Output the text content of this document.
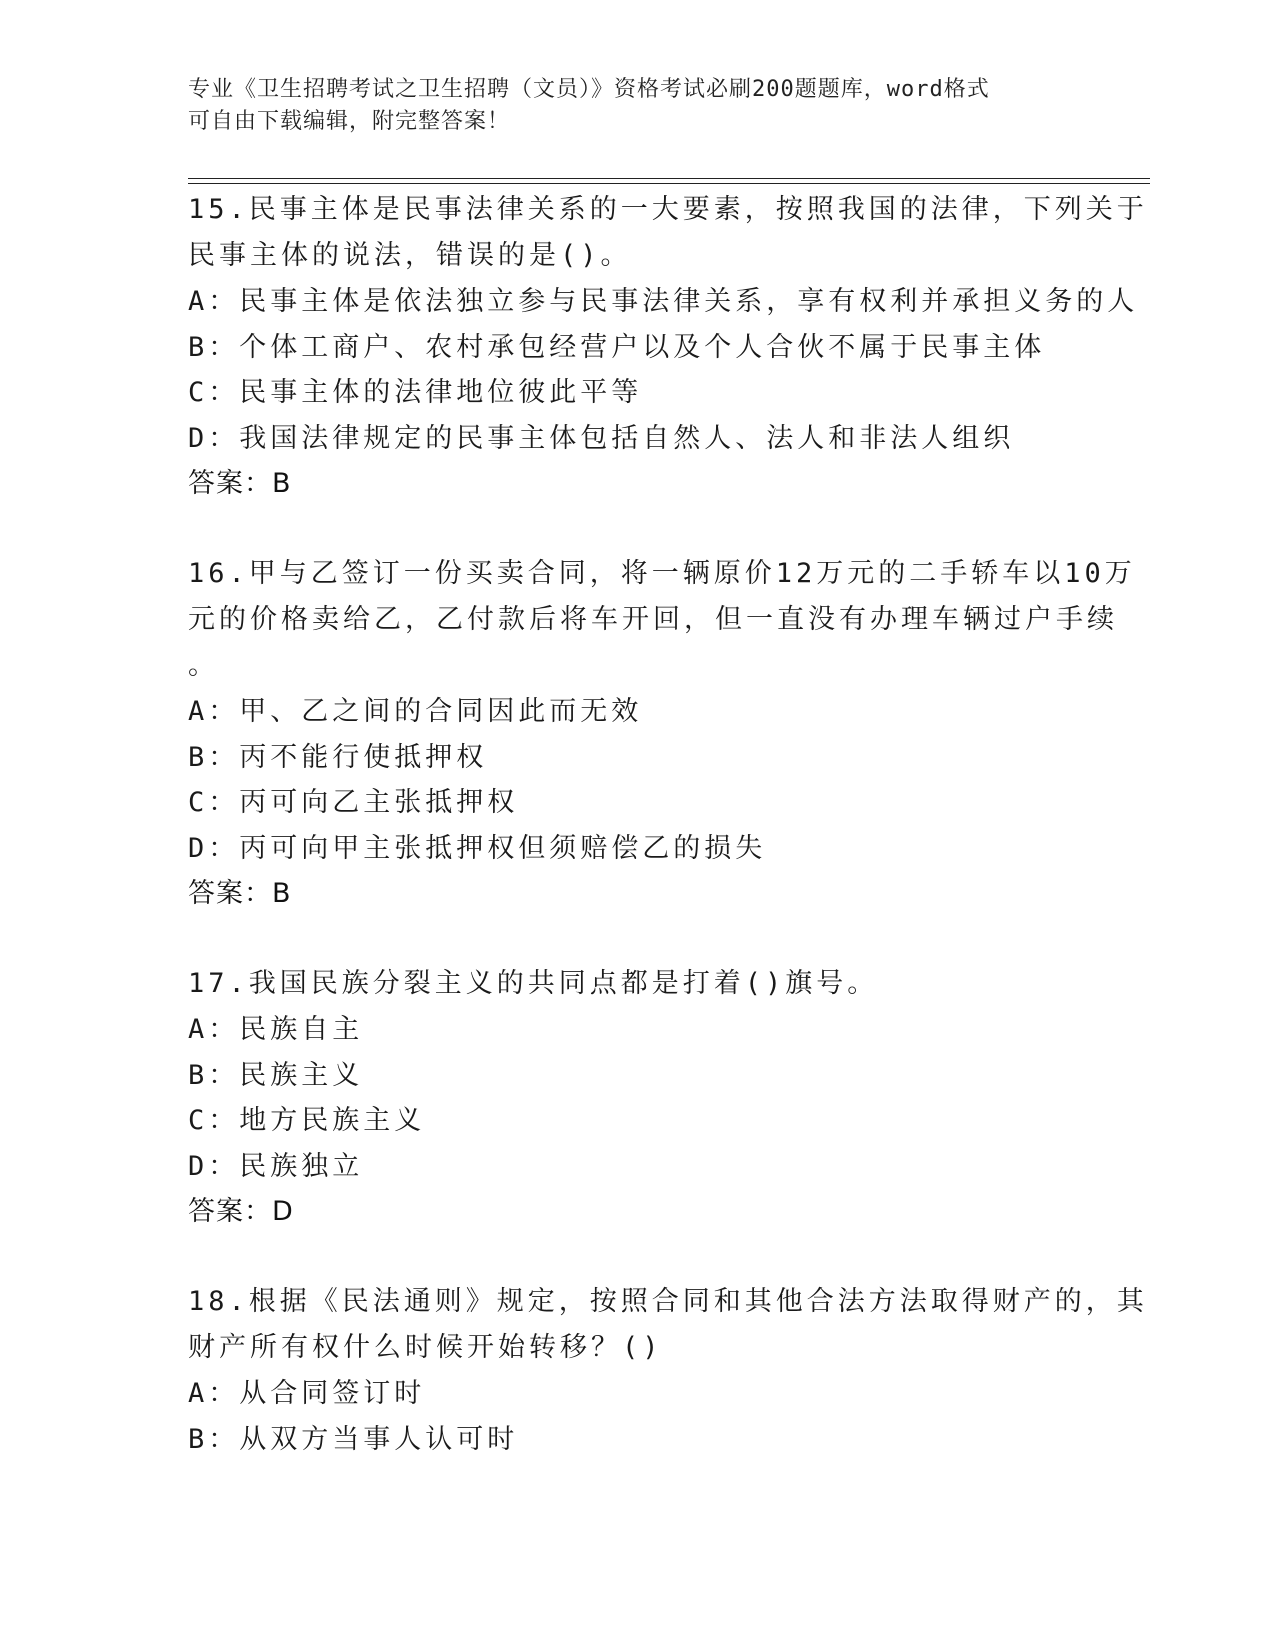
专业《卫生招聘考试之卫生招聘（文员）》资格考试必刷200题题库，word格式
可自由下载编辑，附完整答案！
15.民事主体是民事法律关系的一大要素，按照我国的法律，下列关于
民事主体的说法，错误的是()。
A：民事主体是依法独立参与民事法律关系，享有权利并承担义务的人
B：个体工商户、农村承包经营户以及个人合伙不属于民事主体
C：民事主体的法律地位彼此平等
D：我国法律规定的民事主体包括自然人、法人和非法人组织
答案：B
16.甲与乙签订一份买卖合同，将一辆原价12万元的二手轿车以10万
元的价格卖给乙，乙付款后将车开回，但一直没有办理车辆过户手续
。
A：甲、乙之间的合同因此而无效
B：丙不能行使抵押权
C：丙可向乙主张抵押权
D：丙可向甲主张抵押权但须赔偿乙的损失
答案：B
17.我国民族分裂主义的共同点都是打着()旗号。
A：民族自主
B：民族主义
C：地方民族主义
D：民族独立
答案：D
18.根据《民法通则》规定，按照合同和其他合法方法取得财产的，其
财产所有权什么时候开始转移？()
A：从合同签订时
B：从双方当事人认可时
